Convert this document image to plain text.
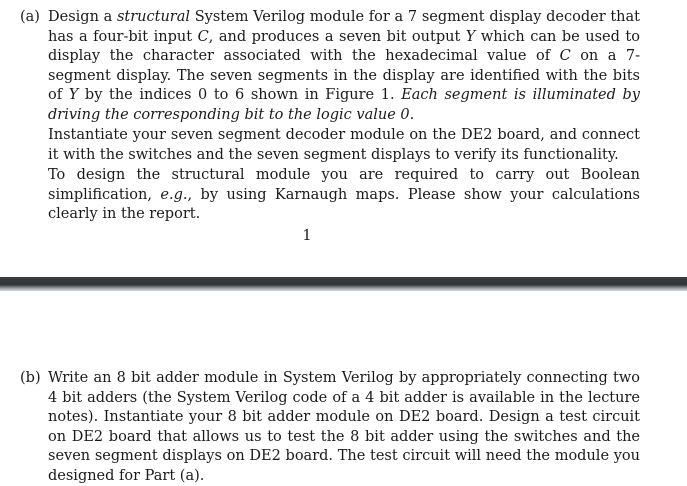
(a) Design a structural System Verilog module for a 7 segment display decoder that has a four-bit input C, and produces a seven bit output Y which can be used to display the character associated with the hexadecimal value of C on a 7-segment display. The seven segments in the display are identified with the bits of Y by the indices 0 to 6 shown in Figure 1. Each segment is illuminated by driving the corresponding bit to the logic value 0.

Instantiate your seven segment decoder module on the DE2 board, and connect it with the switches and the seven segment displays to verify its functionality.

To design the structural module you are required to carry out Boolean simplification, e.g., by using Karnaugh maps. Please show your calculations clearly in the report.

1
(b) Write an 8 bit adder module in System Verilog by appropriately connecting two 4 bit adders (the System Verilog code of a 4 bit adder is available in the lecture notes). Instantiate your 8 bit adder module on DE2 board. Design a test circuit on DE2 board that allows us to test the 8 bit adder using the switches and the seven segment displays on DE2 board. The test circuit will need the module you designed for Part (a).
